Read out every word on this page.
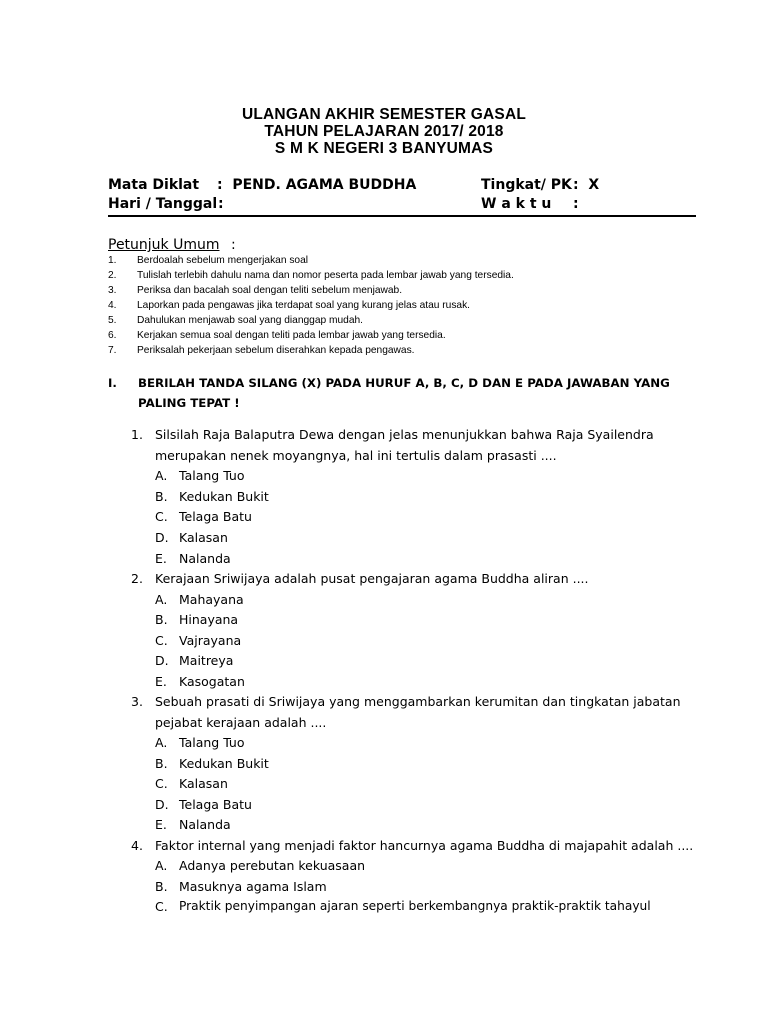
ULANGAN AKHIR SEMESTER GASAL
TAHUN PELAJARAN 2017/ 2018
S M K NEGERI 3 BANYUMAS
Mata Diklat :  PEND. AGAMA BUDDHA	Tingkat/ PK :  X
Hari / Tanggal :	W a k t u :
Petunjuk Umum :
1. Berdoalah sebelum mengerjakan soal
2. Tulislah terlebih dahulu nama dan nomor peserta pada lembar jawab yang tersedia.
3. Periksa dan bacalah soal dengan teliti sebelum menjawab.
4. Laporkan pada pengawas jika terdapat soal yang kurang jelas atau rusak.
5. Dahulukan menjawab soal yang dianggap mudah.
6. Kerjakan semua soal dengan teliti pada lembar jawab yang tersedia.
7. Periksalah pekerjaan sebelum diserahkan kepada pengawas.
I. BERILAH TANDA SILANG (X) PADA HURUF A, B, C, D DAN E PADA JAWABAN YANG
PALING TEPAT !
1. Silsilah Raja Balaputra Dewa dengan jelas menunjukkan bahwa Raja Syailendra
merupakan nenek moyangnya, hal ini tertulis dalam prasasti ....
A. Talang Tuo
B. Kedukan Bukit
C. Telaga Batu
D. Kalasan
E. Nalanda
2. Kerajaan Sriwijaya adalah pusat pengajaran agama Buddha aliran ....
A. Mahayana
B. Hinayana
C. Vajrayana
D. Maitreya
E. Kasogatan
3. Sebuah prasati di Sriwijaya yang menggambarkan kerumitan dan tingkatan jabatan
pejabat kerajaan adalah ....
A. Talang Tuo
B. Kedukan Bukit
C. Kalasan
D. Telaga Batu
E. Nalanda
4. Faktor internal yang menjadi faktor hancurnya agama Buddha di majapahit adalah ....
A. Adanya perebutan kekuasaan
B. Masuknya agama Islam
C. Praktik penyimpangan ajaran seperti berkembangnya praktik-praktik tahayul
